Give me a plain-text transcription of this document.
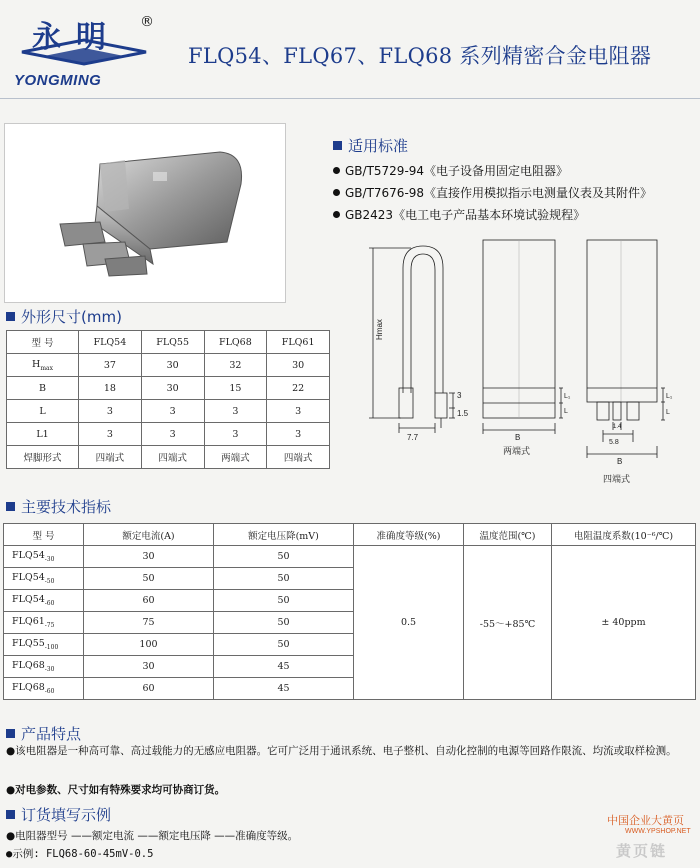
永明 ®
YONGMING
FLQ54、FLQ67、FLQ68 系列精密合金电阻器
适用标准
GB/T5729-94《电子设备用固定电阻器》
GB/T7676-98《直接作用模拟指示电测量仪表及其附件》
GB2423《电工电子产品基本环境试验规程》
外形尺寸(mm)
型 号	FLQ54	FLQ55	FLQ68	FLQ61
$H_{max}$	37	30	32	30
B	18	30	15	22
L	3	3	3	3
L1	3	3	3	3
焊脚形式	四端式	四端式	两端式	四端式
Hmax
3
1.5
7.7
L₁
L
B
两端式
L₁
L
1.4
5.8
B
四端式
主要技术指标
型 号	额定电流(A)	额定电压降(mV)	准确度等级(%)	温度范围(℃)	电阻温度系数(10⁻⁶/℃)
$FLQ54_{-30}$	30	50	0.5	-55～+85℃	± 40ppm
$FLQ54_{-50}$	50	50			
$FLQ54_{-60}$	60	50			
$FLQ61_{-75}$	75	50			
$FLQ55_{-100}$	100	50			
$FLQ68_{-30}$	30	45			
$FLQ68_{-60}$	60	45			
产品特点
●该电阻器是一种高可靠、高过载能力的无感应电阻器。它可广泛用于通讯系统、电子整机、自动化控制的电源等回路作限流、均流或取样检测。
●对电参数、尺寸如有特殊要求均可协商订货。
订货填写示例
●电阻器型号 ——额定电流 ——额定电压降 ——准确度等级。
●示例: FLQ68-60-45mV-0.5
中国企业大黄页
WWW.YPSHOP.NET
黄页链
